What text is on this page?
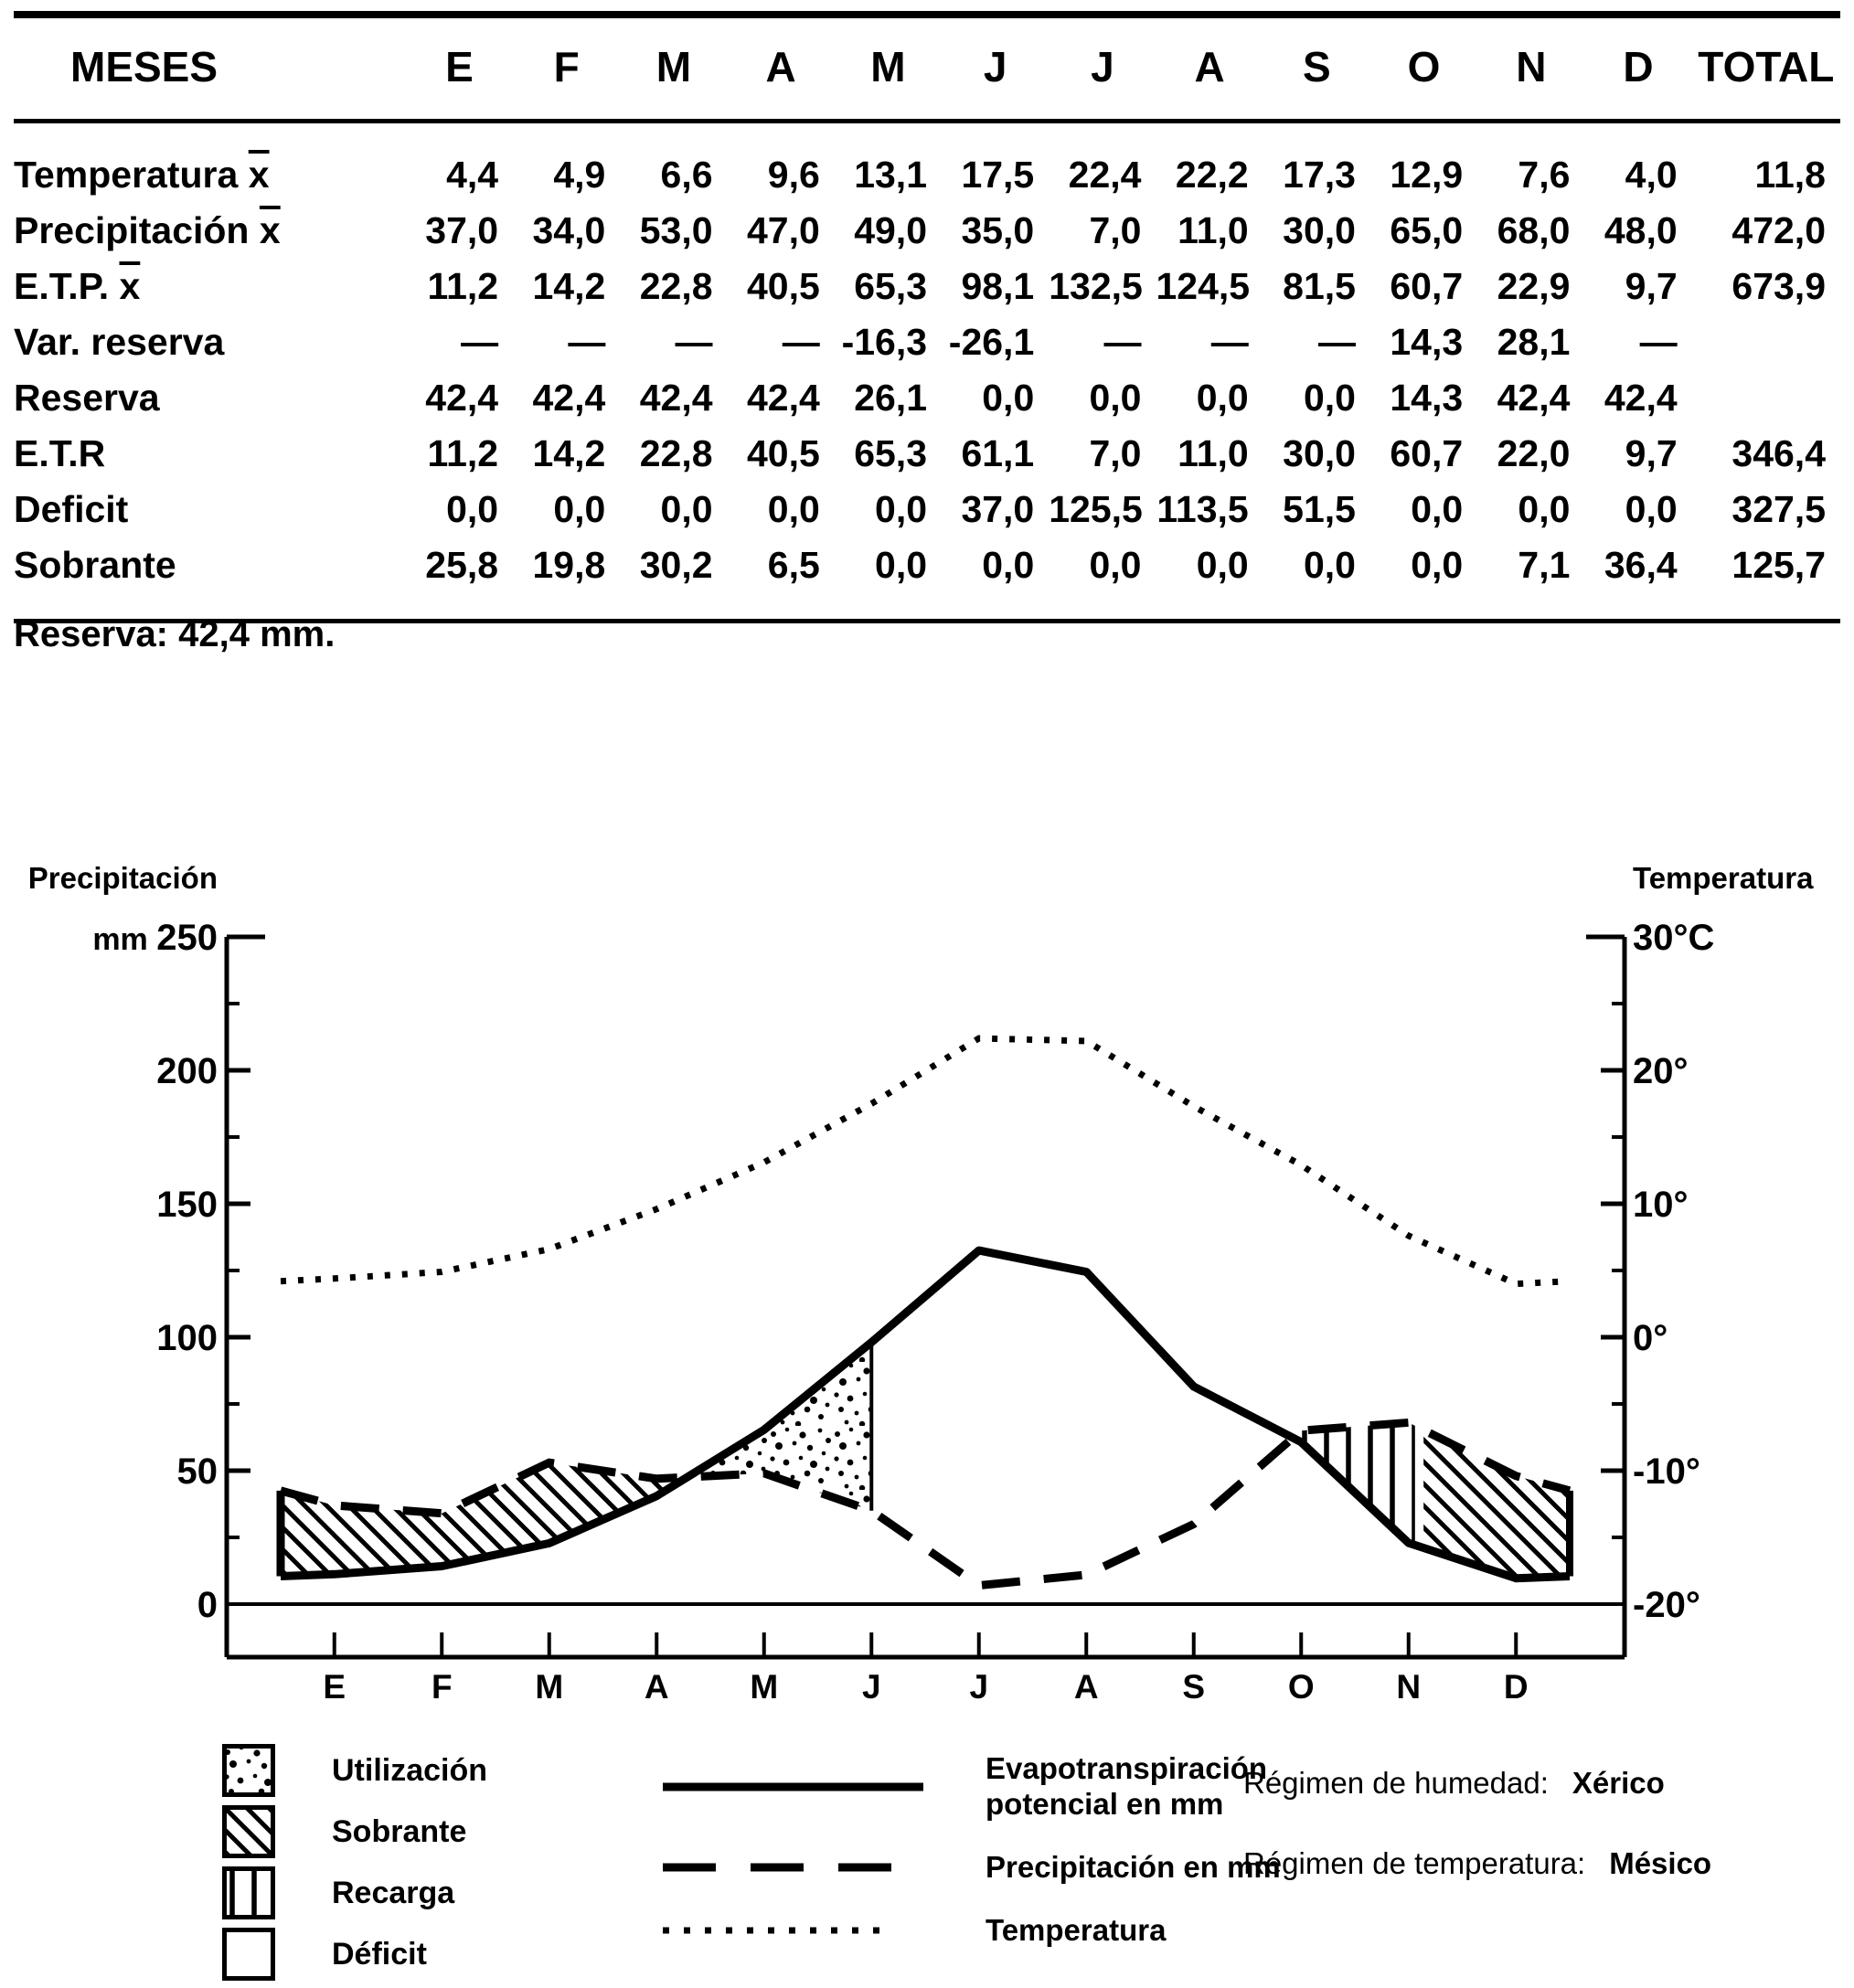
MESES	E	F	M	A	M	J	J	A	S	O	N	D	TOTAL
Temperatura $\overline{x}$	4,4	4,9	6,6	9,6	13,1	17,5	22,4	22,2	17,3	12,9	7,6	4,0	11,8
Precipitación $\overline{x}$	37,0	34,0	53,0	47,0	49,0	35,0	7,0	11,0	30,0	65,0	68,0	48,0	472,0
E.T.P. $\overline{x}$	11,2	14,2	22,8	40,5	65,3	98,1	132,5	124,5	81,5	60,7	22,9	9,7	673,9
Var. reserva	—	—	—	—	-16,3	-26,1	—	—	—	14,3	28,1	—	
Reserva	42,4	42,4	42,4	42,4	26,1	0,0	0,0	0,0	0,0	14,3	42,4	42,4	
E.T.R	11,2	14,2	22,8	40,5	65,3	61,1	7,0	11,0	30,0	60,7	22,0	9,7	346,4
Deficit	0,0	0,0	0,0	0,0	0,0	37,0	125,5	113,5	51,5	0,0	0,0	0,0	327,5
Sobrante	25,8	19,8	30,2	6,5	0,0	0,0	0,0	0,0	0,0	0,0	7,1	36,4	125,7
Reserva: 42,4 mm.
Precipitación
mm 250
200
150
100
50
0
Temperatura
30°C
20°
10°
0°
-10°
-20°
E	F M A M J	J	A S O N D
Utilización
Sobrante
Recarga
Déficit
Evapotranspiración
potencial en mm
Precipitación en mm
Temperatura
Régimen de humedad: Xérico
Régimen de temperatura: Mésico
